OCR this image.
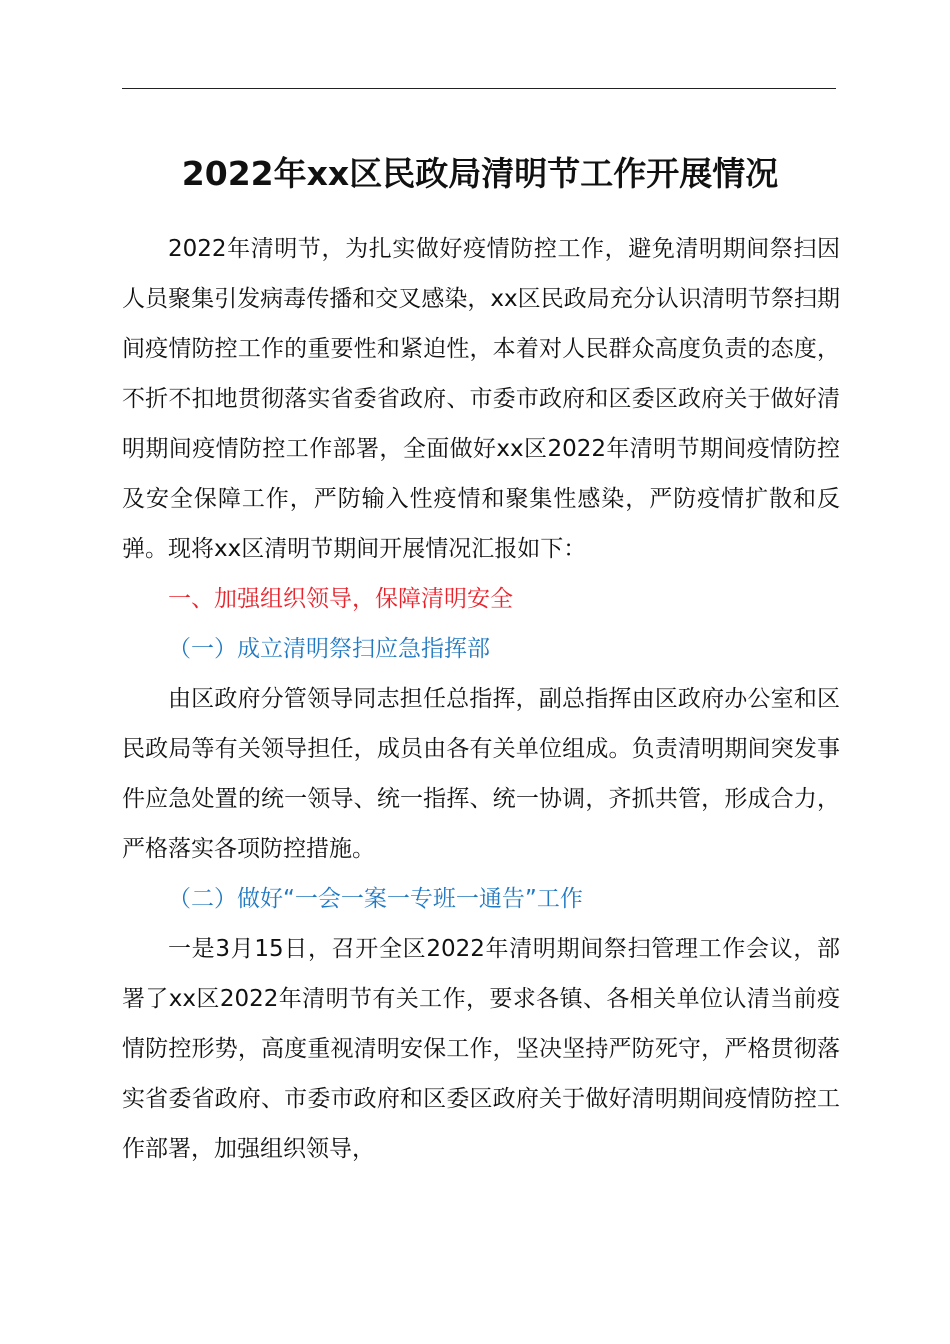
2022年xx区民政局清明节工作开展情况

2022年清明节，为扎实做好疫情防控工作，避免清明期间祭扫因人员聚集引发病毒传播和交叉感染，xx区民政局充分认识清明节祭扫期间疫情防控工作的重要性和紧迫性，本着对人民群众高度负责的态度，不折不扣地贯彻落实省委省政府、市委市政府和区委区政府关于做好清明期间疫情防控工作部署，全面做好xx区2022年清明节期间疫情防控及安全保障工作，严防输入性疫情和聚集性感染，严防疫情扩散和反弹。现将xx区清明节期间开展情况汇报如下：

一、加强组织领导，保障清明安全

（一）成立清明祭扫应急指挥部

由区政府分管领导同志担任总指挥，副总指挥由区政府办公室和区民政局等有关领导担任，成员由各有关单位组成。负责清明期间突发事件应急处置的统一领导、统一指挥、统一协调，齐抓共管，形成合力，严格落实各项防控措施。

（二）做好“一会一案一专班一通告”工作

一是3月15日，召开全区2022年清明期间祭扫管理工作会议，部署了xx区2022年清明节有关工作，要求各镇、各相关单位认清当前疫情防控形势，高度重视清明安保工作，坚决坚持严防死守，严格贯彻落实省委省政府、市委市政府和区委区政府关于做好清明期间疫情防控工作部署，加强组织领导，
